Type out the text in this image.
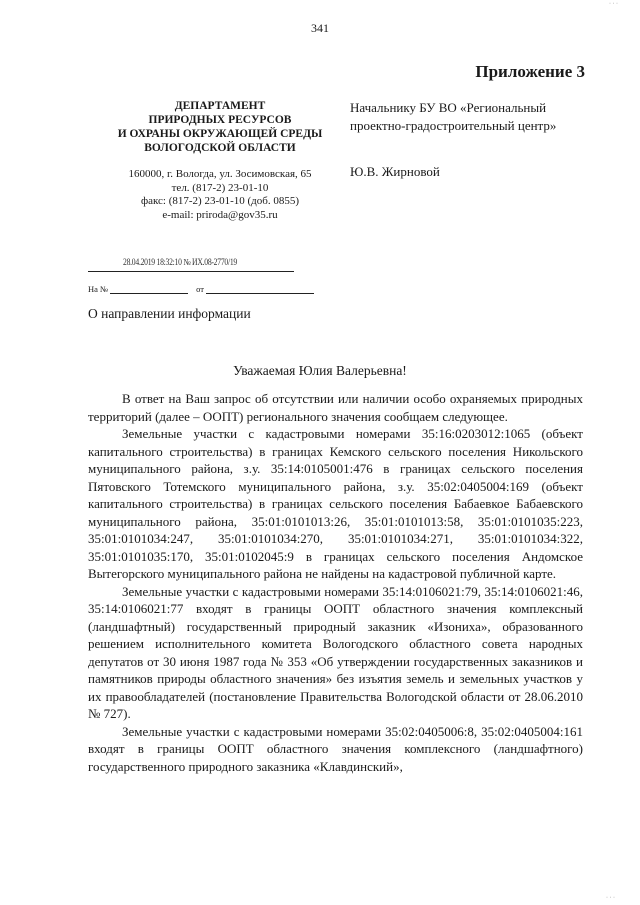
· · ·
341
Приложение 3
ДЕПАРТАМЕНТ
ПРИРОДНЫХ РЕСУРСОВ
И ОХРАНЫ ОКРУЖАЮЩЕЙ СРЕДЫ
ВОЛОГОДСКОЙ ОБЛАСТИ
160000, г. Вологда, ул. Зосимовская, 65
тел. (817-2) 23-01-10
факс: (817-2) 23-01-10 (доб. 0855)
e-mail: priroda@gov35.ru
Начальнику БУ ВО «Региональный
проектно-градостроительный центр»
Ю.В. Жирновой
28.04.2019 18:32:10 № ИХ.08-2770/19
На №	от
О направлении информации
Уважаемая Юлия Валерьевна!

В ответ на Ваш запрос об отсутствии или наличии особо охраняемых природных территорий (далее – ООПТ) регионального значения сообщаем следующее.

Земельные участки с кадастровыми номерами 35:16:0203012:1065 (объект капитального строительства) в границах Кемского сельского поселения Никольского муниципального района, з.у. 35:14:0105001:476 в границах сельского поселения Пятовского Тотемского муниципального района, з.у. 35:02:0405004:169 (объект капитального строительства) в границах сельского поселения Бабаевкое Бабаевского муниципального района, 35:01:0101013:26, 35:01:0101013:58, 35:01:0101035:223, 35:01:0101034:247, 35:01:0101034:270, 35:01:0101034:271, 35:01:0101034:322, 35:01:0101035:170, 35:01:0102045:9 в границах сельского поселения Андомское Вытегорского муниципального района не найдены на кадастровой публичной карте.

Земельные участки с кадастровыми номерами 35:14:0106021:79, 35:14:0106021:46, 35:14:0106021:77 входят в границы ООПТ областного значения комплексный (ландшафтный) государственный природный заказник «Изониха», образованного решением исполнительного комитета Вологодского областного совета народных депутатов от 30 июня 1987 года № 353 «Об утверждении государственных заказников и памятников природы областного значения» без изъятия земель и земельных участков у их правообладателей (постановление Правительства Вологодской области от 28.06.2010 № 727).

Земельные участки с кадастровыми номерами 35:02:0405006:8, 35:02:0405004:161 входят в границы ООПТ областного значения комплексного (ландшафтного) государственного природного заказника «Клавдинский»,

· · ·
